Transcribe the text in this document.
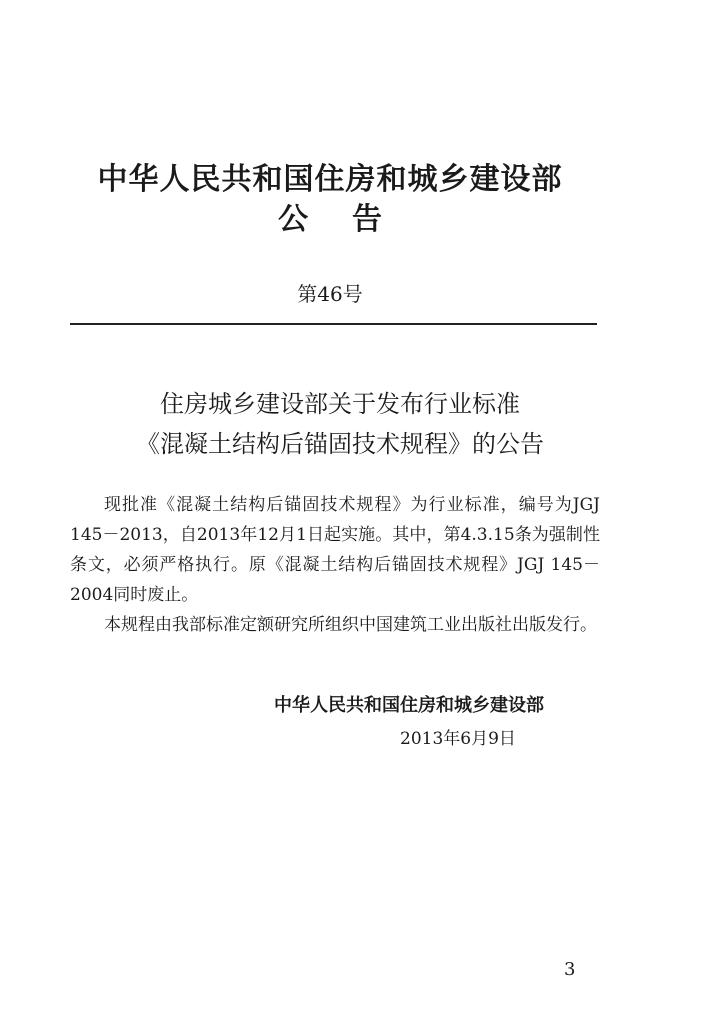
中华人民共和国住房和城乡建设部
公告
第46号
住房城乡建设部关于发布行业标准
《混凝土结构后锚固技术规程》的公告

现批准《混凝土结构后锚固技术规程》为行业标准，编号为JGJ 145－2013，自2013年12月1日起实施。其中，第4.3.15条为强制性条文，必须严格执行。原《混凝土结构后锚固技术规程》JGJ 145－2004同时废止。

本规程由我部标准定额研究所组织中国建筑工业出版社出版发行。

中华人民共和国住房和城乡建设部
2013年6月9日
3
